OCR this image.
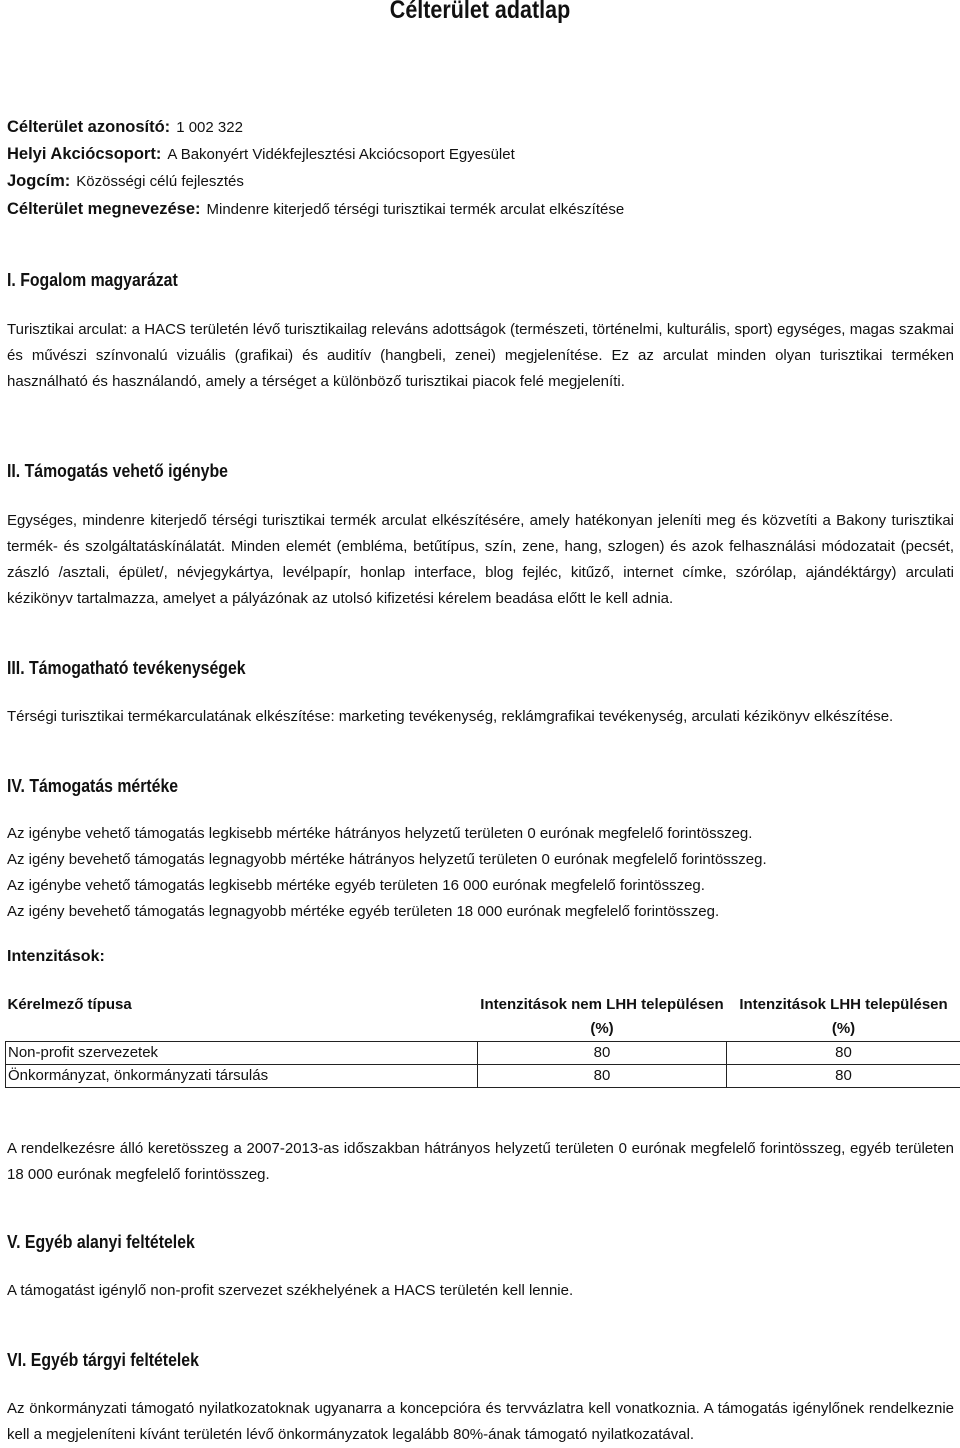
Célterület adatlap
Célterület azonosító: 1 002 322
Helyi Akciócsoport: A Bakonyért Vidékfejlesztési Akciócsoport Egyesület
Jogcím: Közösségi célú fejlesztés
Célterület megnevezése: Mindenre kiterjedő térségi turisztikai termék arculat elkészítése
I. Fogalom magyarázat

Turisztikai arculat: a HACS területén lévő turisztikailag releváns adottságok (természeti, történelmi, kulturális, sport) egységes, magas szakmai és művészi színvonalú vizuális (grafikai) és auditív (hangbeli, zenei) megjelenítése. Ez az arculat minden olyan turisztikai terméken használható és használandó, amely a térséget a különböző turisztikai piacok felé megjeleníti.

II. Támogatás vehető igénybe

Egységes, mindenre kiterjedő térségi turisztikai termék arculat elkészítésére, amely hatékonyan jeleníti meg és közvetíti a Bakony turisztikai termék- és szolgáltatáskínálatát. Minden elemét (embléma, betűtípus, szín, zene, hang, szlogen) és azok felhasználási módozatait (pecsét, zászló /asztali, épület/, névjegykártya, levélpapír, honlap interface, blog fejléc, kitűző, internet címke, szórólap, ajándéktárgy) arculati kézikönyv tartalmazza, amelyet a pályázónak az utolsó kifizetési kérelem beadása előtt le kell adnia.

III. Támogatható tevékenységek

Térségi turisztikai termékarculatának elkészítése: marketing tevékenység, reklámgrafikai tevékenység, arculati kézikönyv elkészítése.

IV. Támogatás mértéke
Az igénybe vehető támogatás legkisebb mértéke hátrányos helyzetű területen 0 eurónak megfelelő forintösszeg.
Az igény bevehető támogatás legnagyobb mértéke hátrányos helyzetű területen 0 eurónak megfelelő forintösszeg.
Az igénybe vehető támogatás legkisebb mértéke egyéb területen 16 000 eurónak megfelelő forintösszeg.
Az igény bevehető támogatás legnagyobb mértéke egyéb területen 18 000 eurónak megfelelő forintösszeg.
Intenzitások:
Kérelmező típusa	Intenzitások nem LHH településen (%)	Intenzitások LHH településen (%)
Non-profit szervezetek	80	80
Önkormányzat, önkormányzati társulás	80	80

A rendelkezésre álló keretösszeg a 2007-2013-as időszakban hátrányos helyzetű területen 0 eurónak megfelelő forintösszeg, egyéb területen 18 000 eurónak megfelelő forintösszeg.

V. Egyéb alanyi feltételek

A támogatást igénylő non-profit szervezet székhelyének a HACS területén kell lennie.

VI. Egyéb tárgyi feltételek

Az önkormányzati támogató nyilatkozatoknak ugyanarra a koncepcióra és tervvázlatra kell vonatkoznia. A támogatás igénylőnek rendelkeznie kell a megjeleníteni kívánt területén lévő önkormányzatok legalább 80%-ának támogató nyilatkozatával.
